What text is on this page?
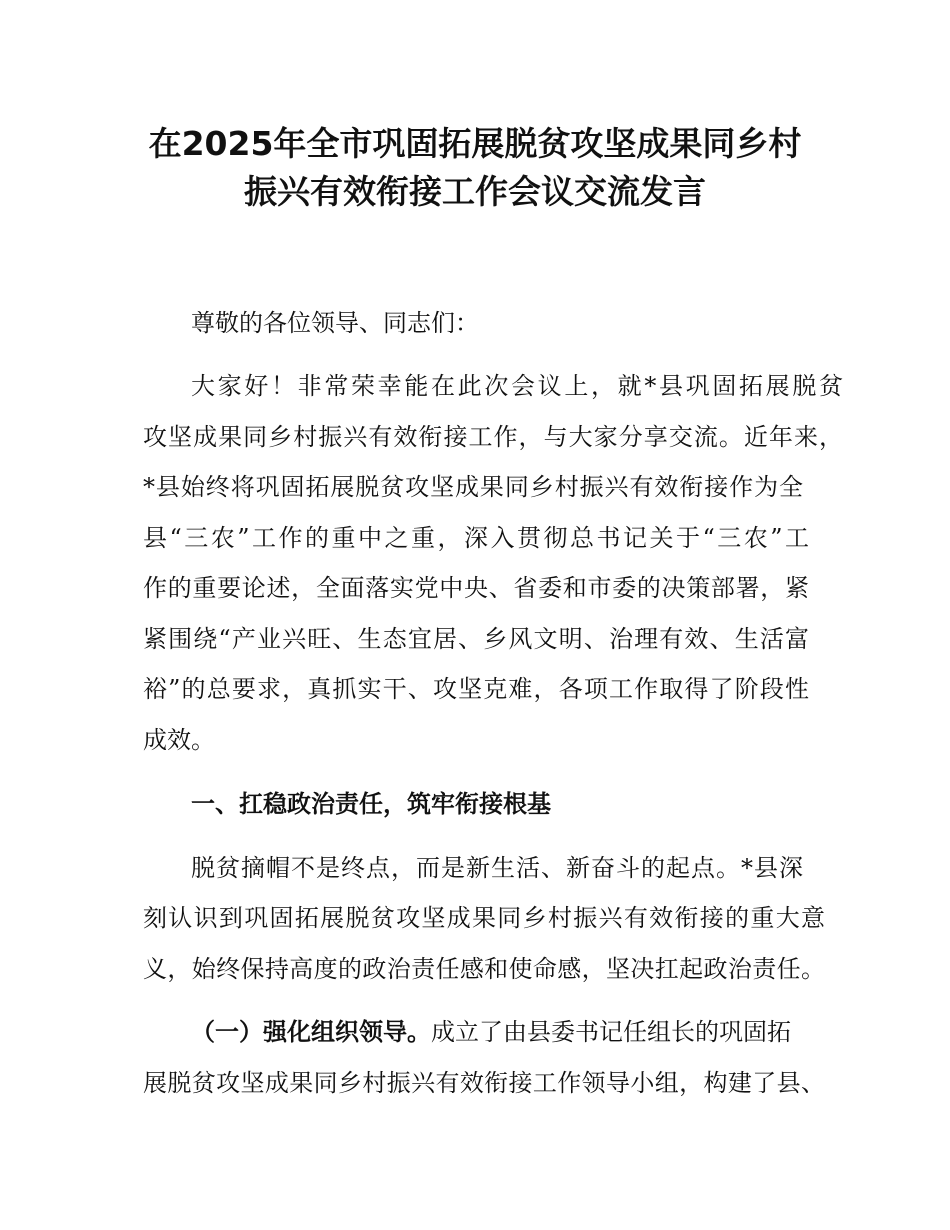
在2025年全市巩固拓展脱贫攻坚成果同乡村
振兴有效衔接工作会议交流发言
尊敬的各位领导、同志们：
大家好！非常荣幸能在此次会议上，就*县巩固拓展脱贫
攻坚成果同乡村振兴有效衔接工作，与大家分享交流。近年来，
*县始终将巩固拓展脱贫攻坚成果同乡村振兴有效衔接作为全
县“三农”工作的重中之重，深入贯彻总书记关于“三农”工
作的重要论述，全面落实党中央、省委和市委的决策部署，紧
紧围绕“产业兴旺、生态宜居、乡风文明、治理有效、生活富
裕”的总要求，真抓实干、攻坚克难，各项工作取得了阶段性
成效。
一、扛稳政治责任，筑牢衔接根基
脱贫摘帽不是终点，而是新生活、新奋斗的起点。*县深
刻认识到巩固拓展脱贫攻坚成果同乡村振兴有效衔接的重大意
义，始终保持高度的政治责任感和使命感，坚决扛起政治责任。
（一）强化组织领导。成立了由县委书记任组长的巩固拓
展脱贫攻坚成果同乡村振兴有效衔接工作领导小组，构建了县、
